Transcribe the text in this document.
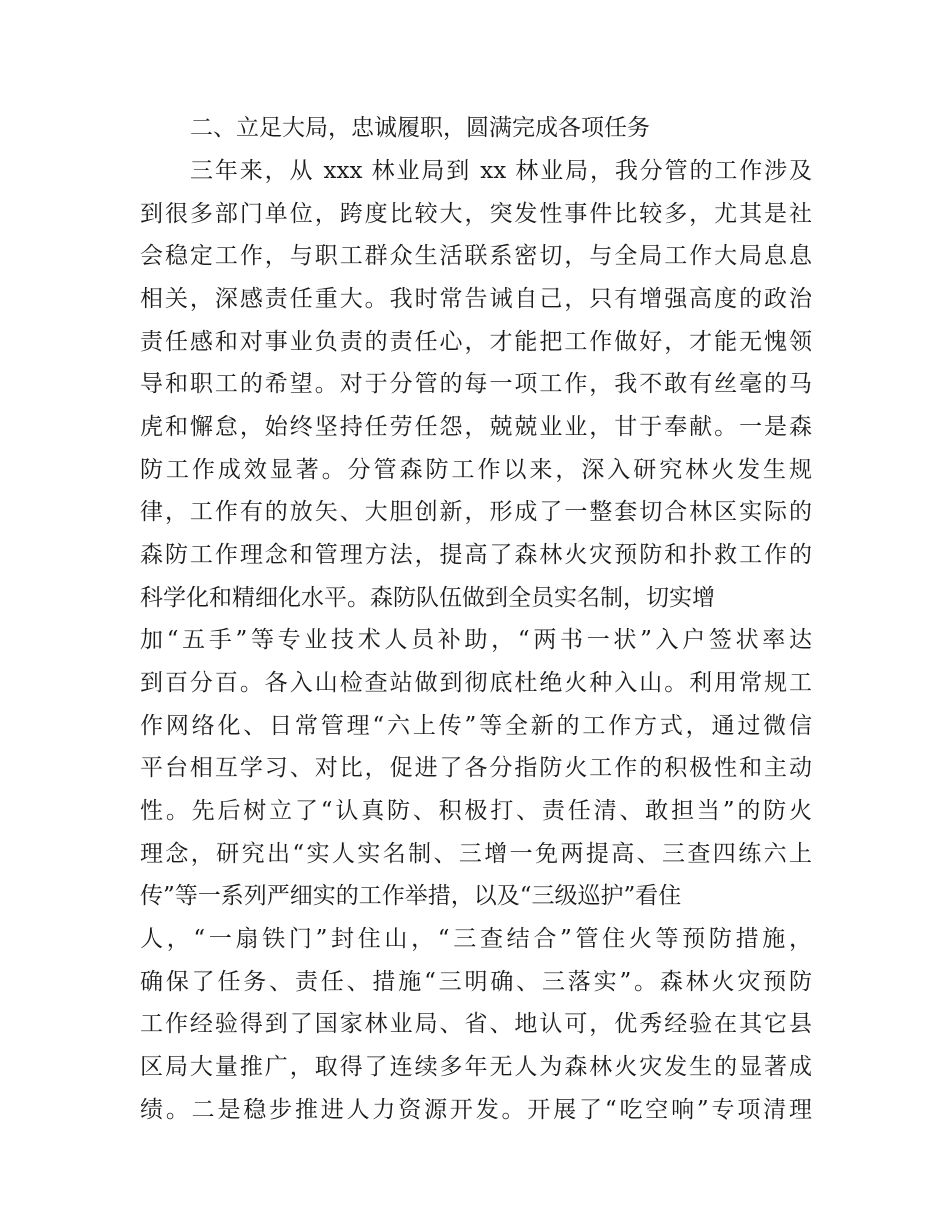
二、立足大局，忠诚履职，圆满完成各项任务
三年来，从 xxx 林业局到 xx 林业局，我分管的工作涉及
到很多部门单位，跨度比较大，突发性事件比较多，尤其是社
会稳定工作，与职工群众生活联系密切，与全局工作大局息息
相关，深感责任重大。我时常告诫自己，只有增强高度的政治
责任感和对事业负责的责任心，才能把工作做好，才能无愧领
导和职工的希望。对于分管的每一项工作，我不敢有丝毫的马
虎和懈怠，始终坚持任劳任怨，兢兢业业，甘于奉献。一是森
防工作成效显著。分管森防工作以来，深入研究林火发生规
律，工作有的放矢、大胆创新，形成了一整套切合林区实际的
森防工作理念和管理方法，提高了森林火灾预防和扑救工作的
科学化和精细化水平。森防队伍做到全员实名制，切实增
加“五手”等专业技术人员补助，“两书一状”入户签状率达
到百分百。各入山检查站做到彻底杜绝火种入山。利用常规工
作网络化、日常管理“六上传”等全新的工作方式，通过微信
平台相互学习、对比，促进了各分指防火工作的积极性和主动
性。先后树立了“认真防、积极打、责任清、敢担当”的防火
理念，研究出“实人实名制、三增一免两提高、三查四练六上
传”等一系列严细实的工作举措，以及“三级巡护”看住
人，“一扇铁门”封住山，“三查结合”管住火等预防措施，
确保了任务、责任、措施“三明确、三落实”。森林火灾预防
工作经验得到了国家林业局、省、地认可，优秀经验在其它县
区局大量推广，取得了连续多年无人为森林火灾发生的显著成
绩。二是稳步推进人力资源开发。开展了“吃空响”专项清理
